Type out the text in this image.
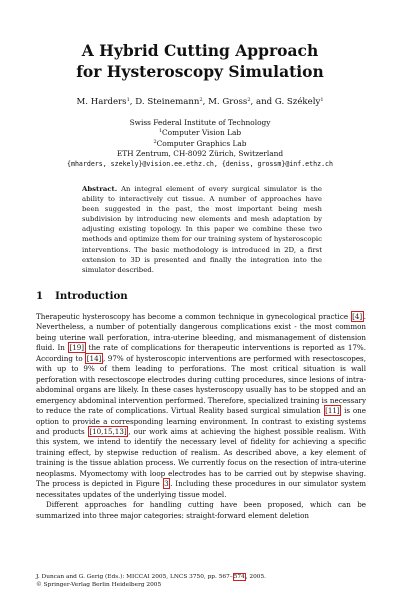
A Hybrid Cutting Approach
for Hysteroscopy Simulation
M. Harders$^1$, D. Steinemann$^2$, M. Gross$^2$, and G. Székely$^1$
Swiss Federal Institute of Technology
$^1$Computer Vision Lab
$^2$Computer Graphics Lab
ETH Zentrum, CH-8092 Zürich, Switzerland
{mharders, szekely}@vision.ee.ethz.ch, {deniss, grossm}@inf.ethz.ch
Abstract. An integral element of every surgical simulator is the ability to interactively cut tissue. A number of approaches have been suggested in the past, the most important being mesh subdivision by introducing new elements and mesh adaptation by adjusting existing topology. In this paper we combine these two methods and optimize them for our training system of hysteroscopic interventions. The basic methodology is introduced in 2D, a first extension to 3D is presented and finally the integration into the simulator described.
1 Introduction

Therapeutic hysteroscopy has become a common technique in gynecological practice [4] . Nevertheless, a number of potentially dangerous complications exist - the most common being uterine wall perforation, intra-uterine bleeding, and mismanagement of distension fluid. In [19] the rate of complications for therapeutic interventions is reported as 17%. According to [14] , 97% of hysteroscopic interventions are performed with resectoscopes, with up to 9% of them leading to perforations. The most critical situation is wall perforation with resectoscope electrodes during cutting procedures, since lesions of intra-abdominal organs are likely. In these cases hysteroscopy usually has to be stopped and an emergency abdominal intervention performed. Therefore, specialized training is necessary to reduce the rate of complications. Virtual Reality based surgical simulation [11] is one option to provide a corresponding learning environment. In contrast to existing systems and products [10,15,13] , our work aims at achieving the highest possible realism. With this system, we intend to identify the necessary level of fidelity for achieving a specific training effect, by stepwise reduction of realism. As described above, a key element of training is the tissue ablation process. We currently focus on the resection of intra-uterine neoplasms. Myomectomy with loop electrodes has to be carried out by stepwise shaving. The process is depicted in Figure 3 . Including these procedures in our simulator system necessitates updates of the underlying tissue model.

Different approaches for handling cutting have been proposed, which can be summarized into three major categories: straight-forward element deletion

J. Duncan and G. Gerig (Eds.): MICCAI 2005, LNCS 3750, pp. 567–574, 2005.
© Springer-Verlag Berlin Heidelberg 2005
